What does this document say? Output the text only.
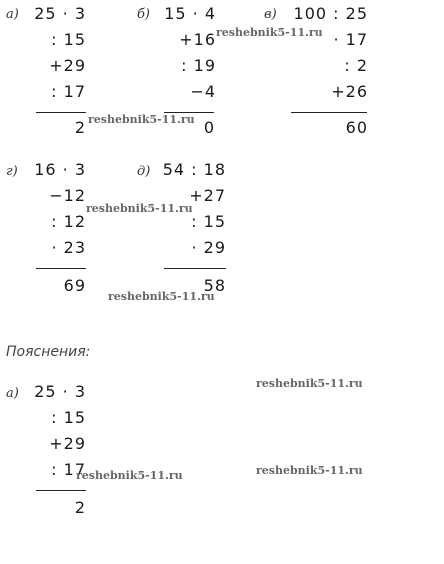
а) 25 · 3
: 15
+29
: 17
2
б) 15 · 4
+16
: 19
−4
0
в) 100 : 25
· 17
: 2
+26
60
г) 16 · 3
−12
: 12
· 23
69
д) 54 : 18
+27
: 15
· 29
58
Пояснения:
а) 25 · 3
: 15
+29
: 17
2
reshebnik5-11.ru
reshebnik5-11.ru
reshebnik5-11.ru
reshebnik5-11.ru
reshebnik5-11.ru
reshebnik5-11.ru	reshebnik5-11.ru
